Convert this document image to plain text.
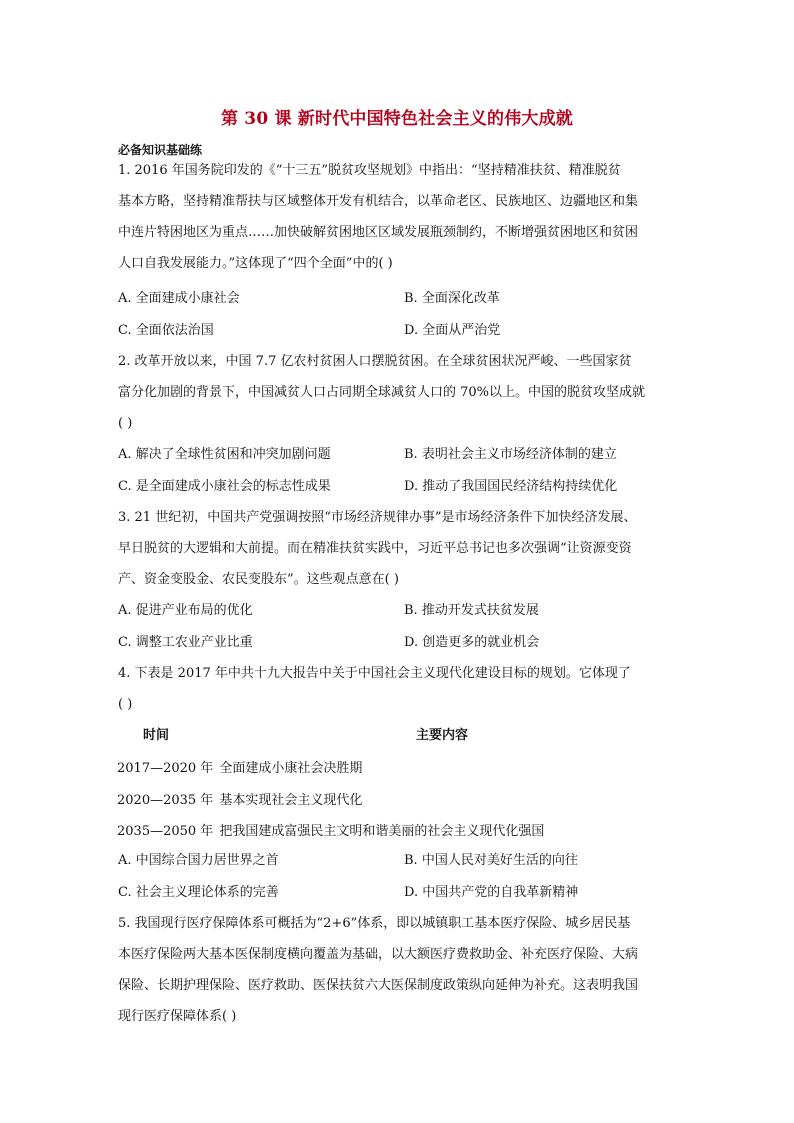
第 30 课 新时代中国特色社会主义的伟大成就
必备知识基础练

1. 2016 年国务院印发的《“十三五”脱贫攻坚规划》中指出：“坚持精准扶贫、精准脱贫

基本方略，坚持精准帮扶与区域整体开发有机结合，以革命老区、民族地区、边疆地区和集

中连片特困地区为重点……加快破解贫困地区区域发展瓶颈制约，不断增强贫困地区和贫困

人口自我发展能力。”这体现了“四个全面”中的( )

A. 全面建成小康社会	B. 全面深化改革
C. 全面依法治国	D. 全面从严治党

2. 改革开放以来，中国 7.7 亿农村贫困人口摆脱贫困。在全球贫困状况严峻、一些国家贫

富分化加剧的背景下，中国减贫人口占同期全球减贫人口的 70%以上。中国的脱贫攻坚成就

( )

A. 解决了全球性贫困和冲突加剧问题	B. 表明社会主义市场经济体制的建立
C. 是全面建成小康社会的标志性成果	D. 推动了我国国民经济结构持续优化

3. 21 世纪初，中国共产党强调按照“市场经济规律办事”是市场经济条件下加快经济发展、

早日脱贫的大逻辑和大前提。而在精准扶贫实践中，习近平总书记也多次强调“让资源变资

产、资金变股金、农民变股东”。这些观点意在( )

A. 促进产业布局的优化	B. 推动开发式扶贫发展
C. 调整工农业产业比重	D. 创造更多的就业机会

4. 下表是 2017 年中共十九大报告中关于中国社会主义现代化建设目标的规划。它体现了

( )

时间	主要内容
2017—2020 年 全面建成小康社会决胜期
2020—2035 年 基本实现社会主义现代化
2035—2050 年 把我国建成富强民主文明和谐美丽的社会主义现代化强国
A. 中国综合国力居世界之首	B. 中国人民对美好生活的向往
C. 社会主义理论体系的完善	D. 中国共产党的自我革新精神

5. 我国现行医疗保障体系可概括为“2+6”体系，即以城镇职工基本医疗保险、城乡居民基

本医疗保险两大基本医保制度横向覆盖为基础，以大额医疗费救助金、补充医疗保险、大病

保险、长期护理保险、医疗救助、医保扶贫六大医保制度政策纵向延伸为补充。这表明我国

现行医疗保障体系( )
